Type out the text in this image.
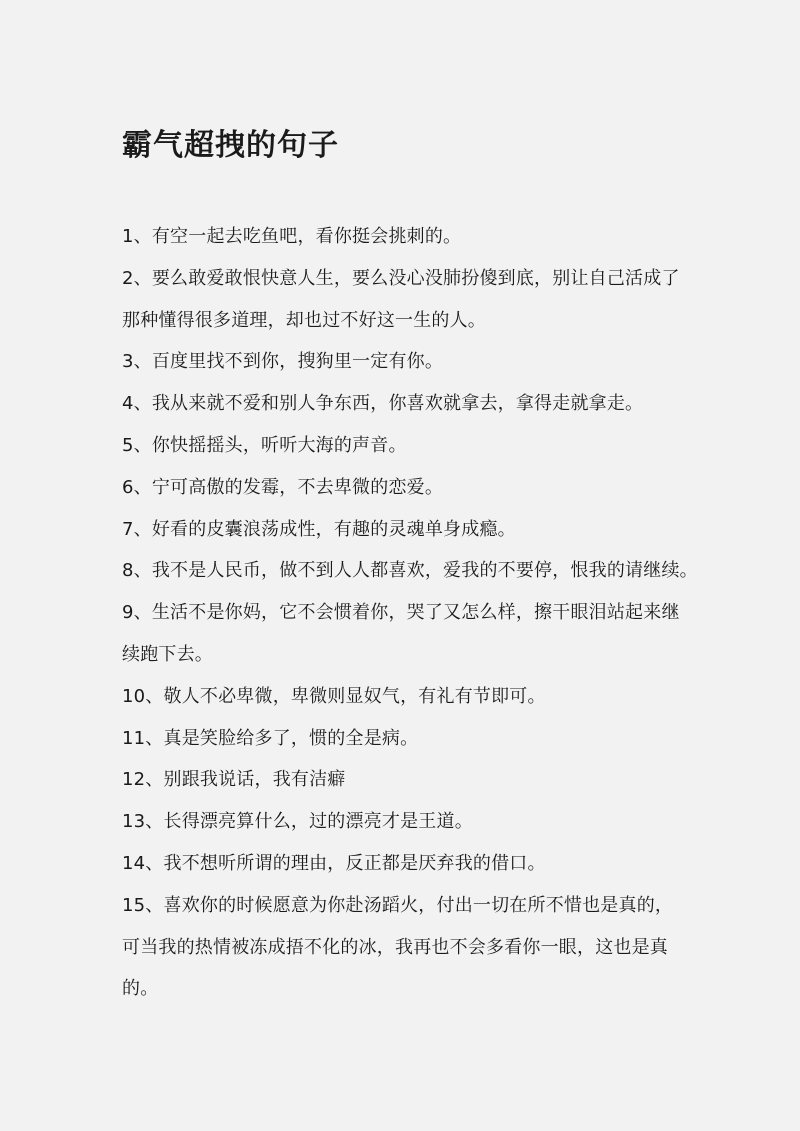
霸气超拽的句子
1、有空一起去吃鱼吧，看你挺会挑刺的。
2、要么敢爱敢恨快意人生，要么没心没肺扮傻到底，别让自己活成了
那种懂得很多道理，却也过不好这一生的人。
3、百度里找不到你，搜狗里一定有你。
4、我从来就不爱和别人争东西，你喜欢就拿去，拿得走就拿走。
5、你快摇摇头，听听大海的声音。
6、宁可高傲的发霉，不去卑微的恋爱。
7、好看的皮囊浪荡成性，有趣的灵魂单身成瘾。
8、我不是人民币，做不到人人都喜欢，爱我的不要停，恨我的请继续。
9、生活不是你妈，它不会惯着你，哭了又怎么样，擦干眼泪站起来继
续跑下去。
10、敬人不必卑微，卑微则显奴气，有礼有节即可。
11、真是笑脸给多了，惯的全是病。
12、别跟我说话，我有洁癖
13、长得漂亮算什么，过的漂亮才是王道。
14、我不想听所谓的理由，反正都是厌弃我的借口。
15、喜欢你的时候愿意为你赴汤蹈火，付出一切在所不惜也是真的，
可当我的热情被冻成捂不化的冰，我再也不会多看你一眼，这也是真
的。
